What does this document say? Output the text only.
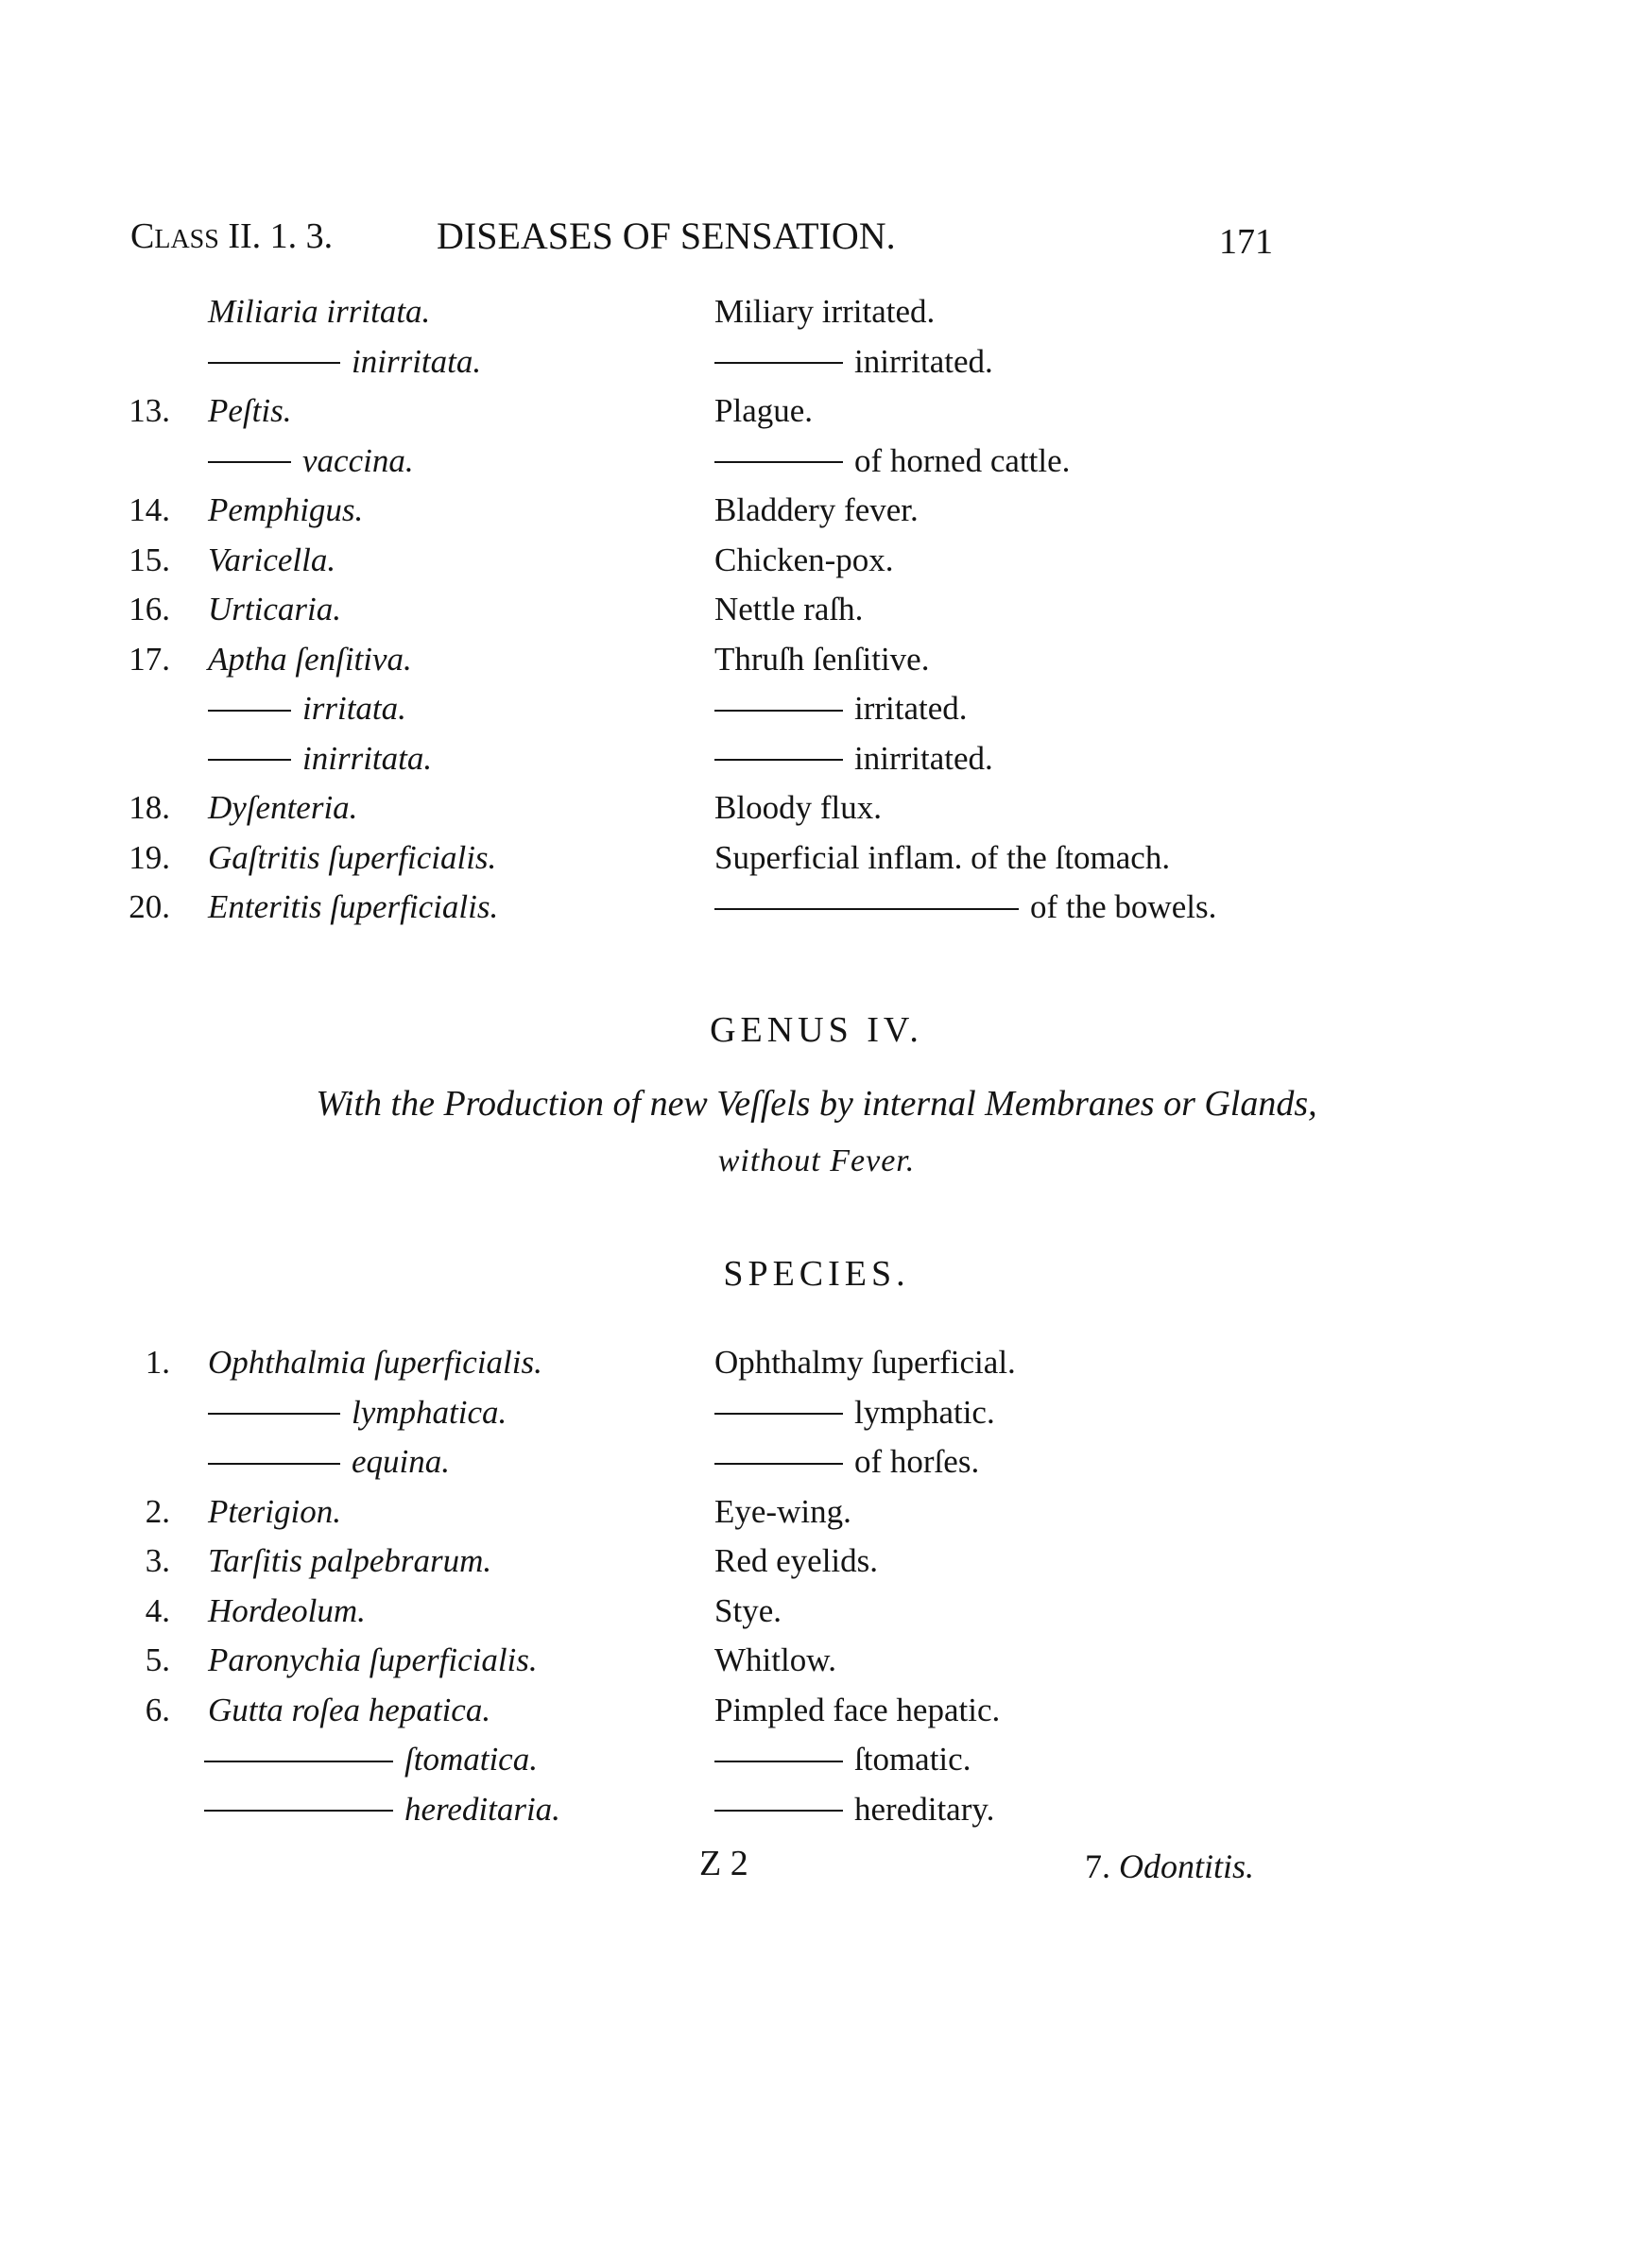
CLASS II. 1. 3.	DISEASES OF SENSATION.	171
Miliaria irritata.	Miliary irritated.
inirritata.	inirritated.
13. Peſtis.	Plague.
vaccina.	of horned cattle.
14. Pemphigus.	Bladdery fever.
15. Varicella.	Chicken-pox.
16. Urticaria.	Nettle raſh.
17. Aptha ſenſitiva.	Thruſh ſenſitive.
irritata.	irritated.
inirritata.	inirritated.
18. Dyſenteria.	Bloody flux.
19. Gaſtritis ſuperficialis.	Superficial inflam. of the ſtomach.
20. Enteritis ſuperficialis.	of the bowels.
GENUS IV.
With the Production of new Veſſels by internal Membranes or Glands,
without Fever.
SPECIES.
1. Ophthalmia ſuperficialis.	Ophthalmy ſuperficial.
lymphatica.	lymphatic.
equina.	of horſes.
2. Pterigion.	Eye-wing.
3. Tarſitis palpebrarum.	Red eyelids.
4. Hordeolum.	Stye.
5. Paronychia ſuperficialis.	Whitlow.
6. Gutta roſea hepatica.	Pimpled face hepatic.
ſtomatica.	ſtomatic.
hereditaria.	hereditary.
Z 2	7. Odontitis.
